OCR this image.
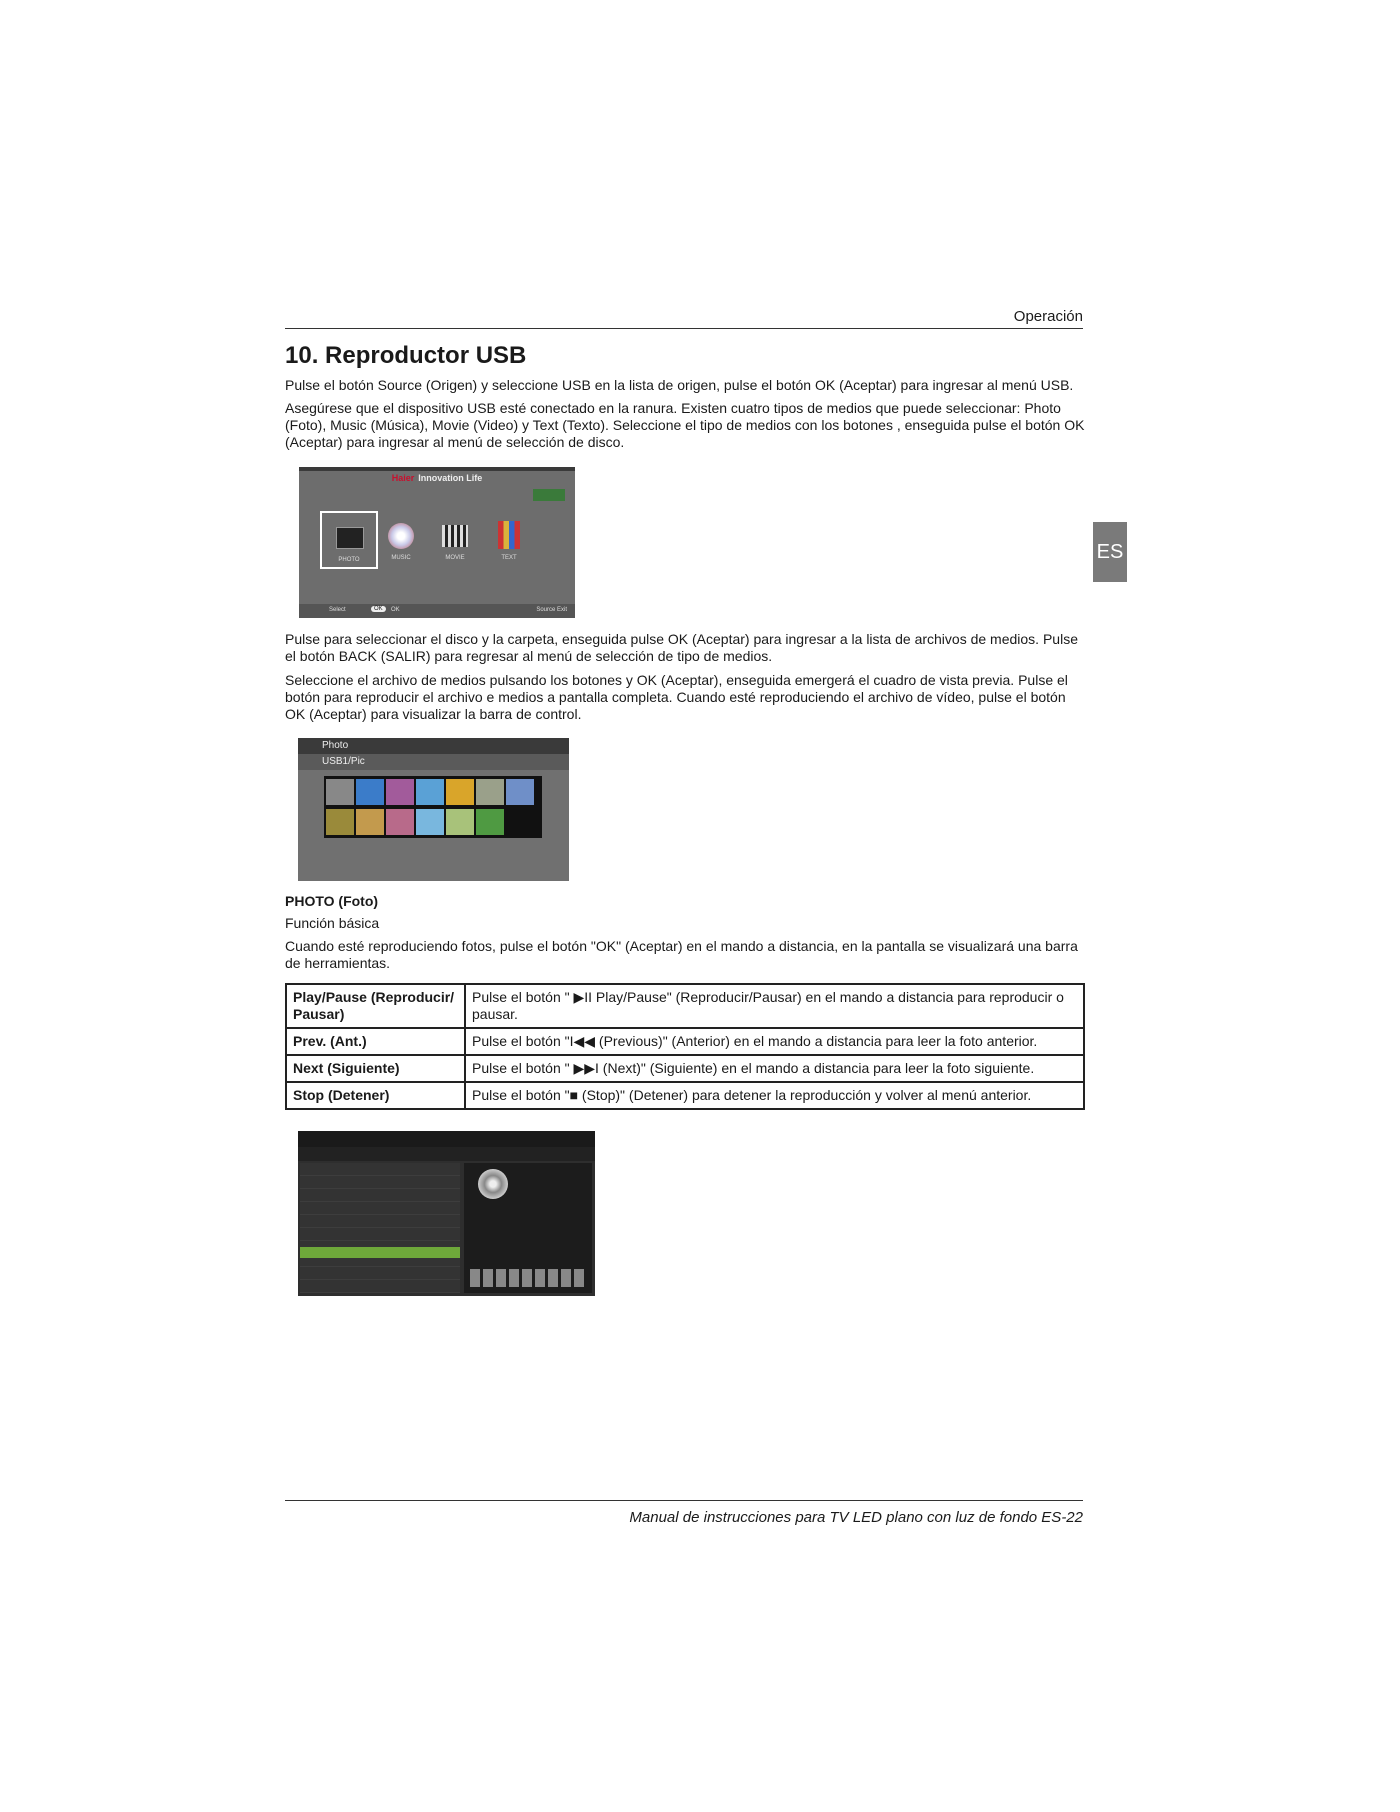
Operación
10. Reproductor USB

Pulse el botón Source (Origen) y seleccione USB en la lista de origen, pulse el botón OK (Aceptar) para ingresar al menú USB.

Asegúrese que el dispositivo USB esté conectado en la ranura. Existen cuatro tipos de medios que puede seleccionar: Photo (Foto), Music (Música), Movie (Video) y Text (Texto). Seleccione el tipo de medios con los botones , enseguida pulse el botón OK (Aceptar) para ingresar al menú de selección de disco.

ES
Haier Innovation Life
PHOTO	MUSIC	MOVIE	TEXT
Select	OK	OK	Source Exit

Pulse para seleccionar el disco y la carpeta, enseguida pulse OK (Aceptar) para ingresar a la lista de archivos de medios. Pulse el botón BACK (SALIR) para regresar al menú de selección de tipo de medios.

Seleccione el archivo de medios pulsando los botones y OK (Aceptar), enseguida emergerá el cuadro de vista previa. Pulse el botón para reproducir el archivo e medios a pantalla completa. Cuando esté reproduciendo el archivo de vídeo, pulse el botón OK (Aceptar) para visualizar la barra de control.

Photo
USB1/Pic
PHOTO (Foto)
Función básica

Cuando esté reproduciendo fotos, pulse el botón "OK" (Aceptar) en el mando a distancia, en la pantalla se visualizará una barra de herramientas.

Play/Pause (Reproducir/ Pausar)	Pulse el botón " ▶II Play/Pause" (Reproducir/Pausar) en el mando a distancia para reproducir o pausar.
Prev. (Ant.)	Pulse el botón "I◀◀ (Previous)" (Anterior) en el mando a distancia para leer la foto anterior.
Next (Siguiente)	Pulse el botón " ▶▶I (Next)" (Siguiente) en el mando a distancia para leer la foto siguiente.
Stop (Detener)	Pulse el botón "■ (Stop)" (Detener) para detener la reproducción y volver al menú anterior.
Manual de instrucciones para TV LED plano con luz de fondo ES-22
